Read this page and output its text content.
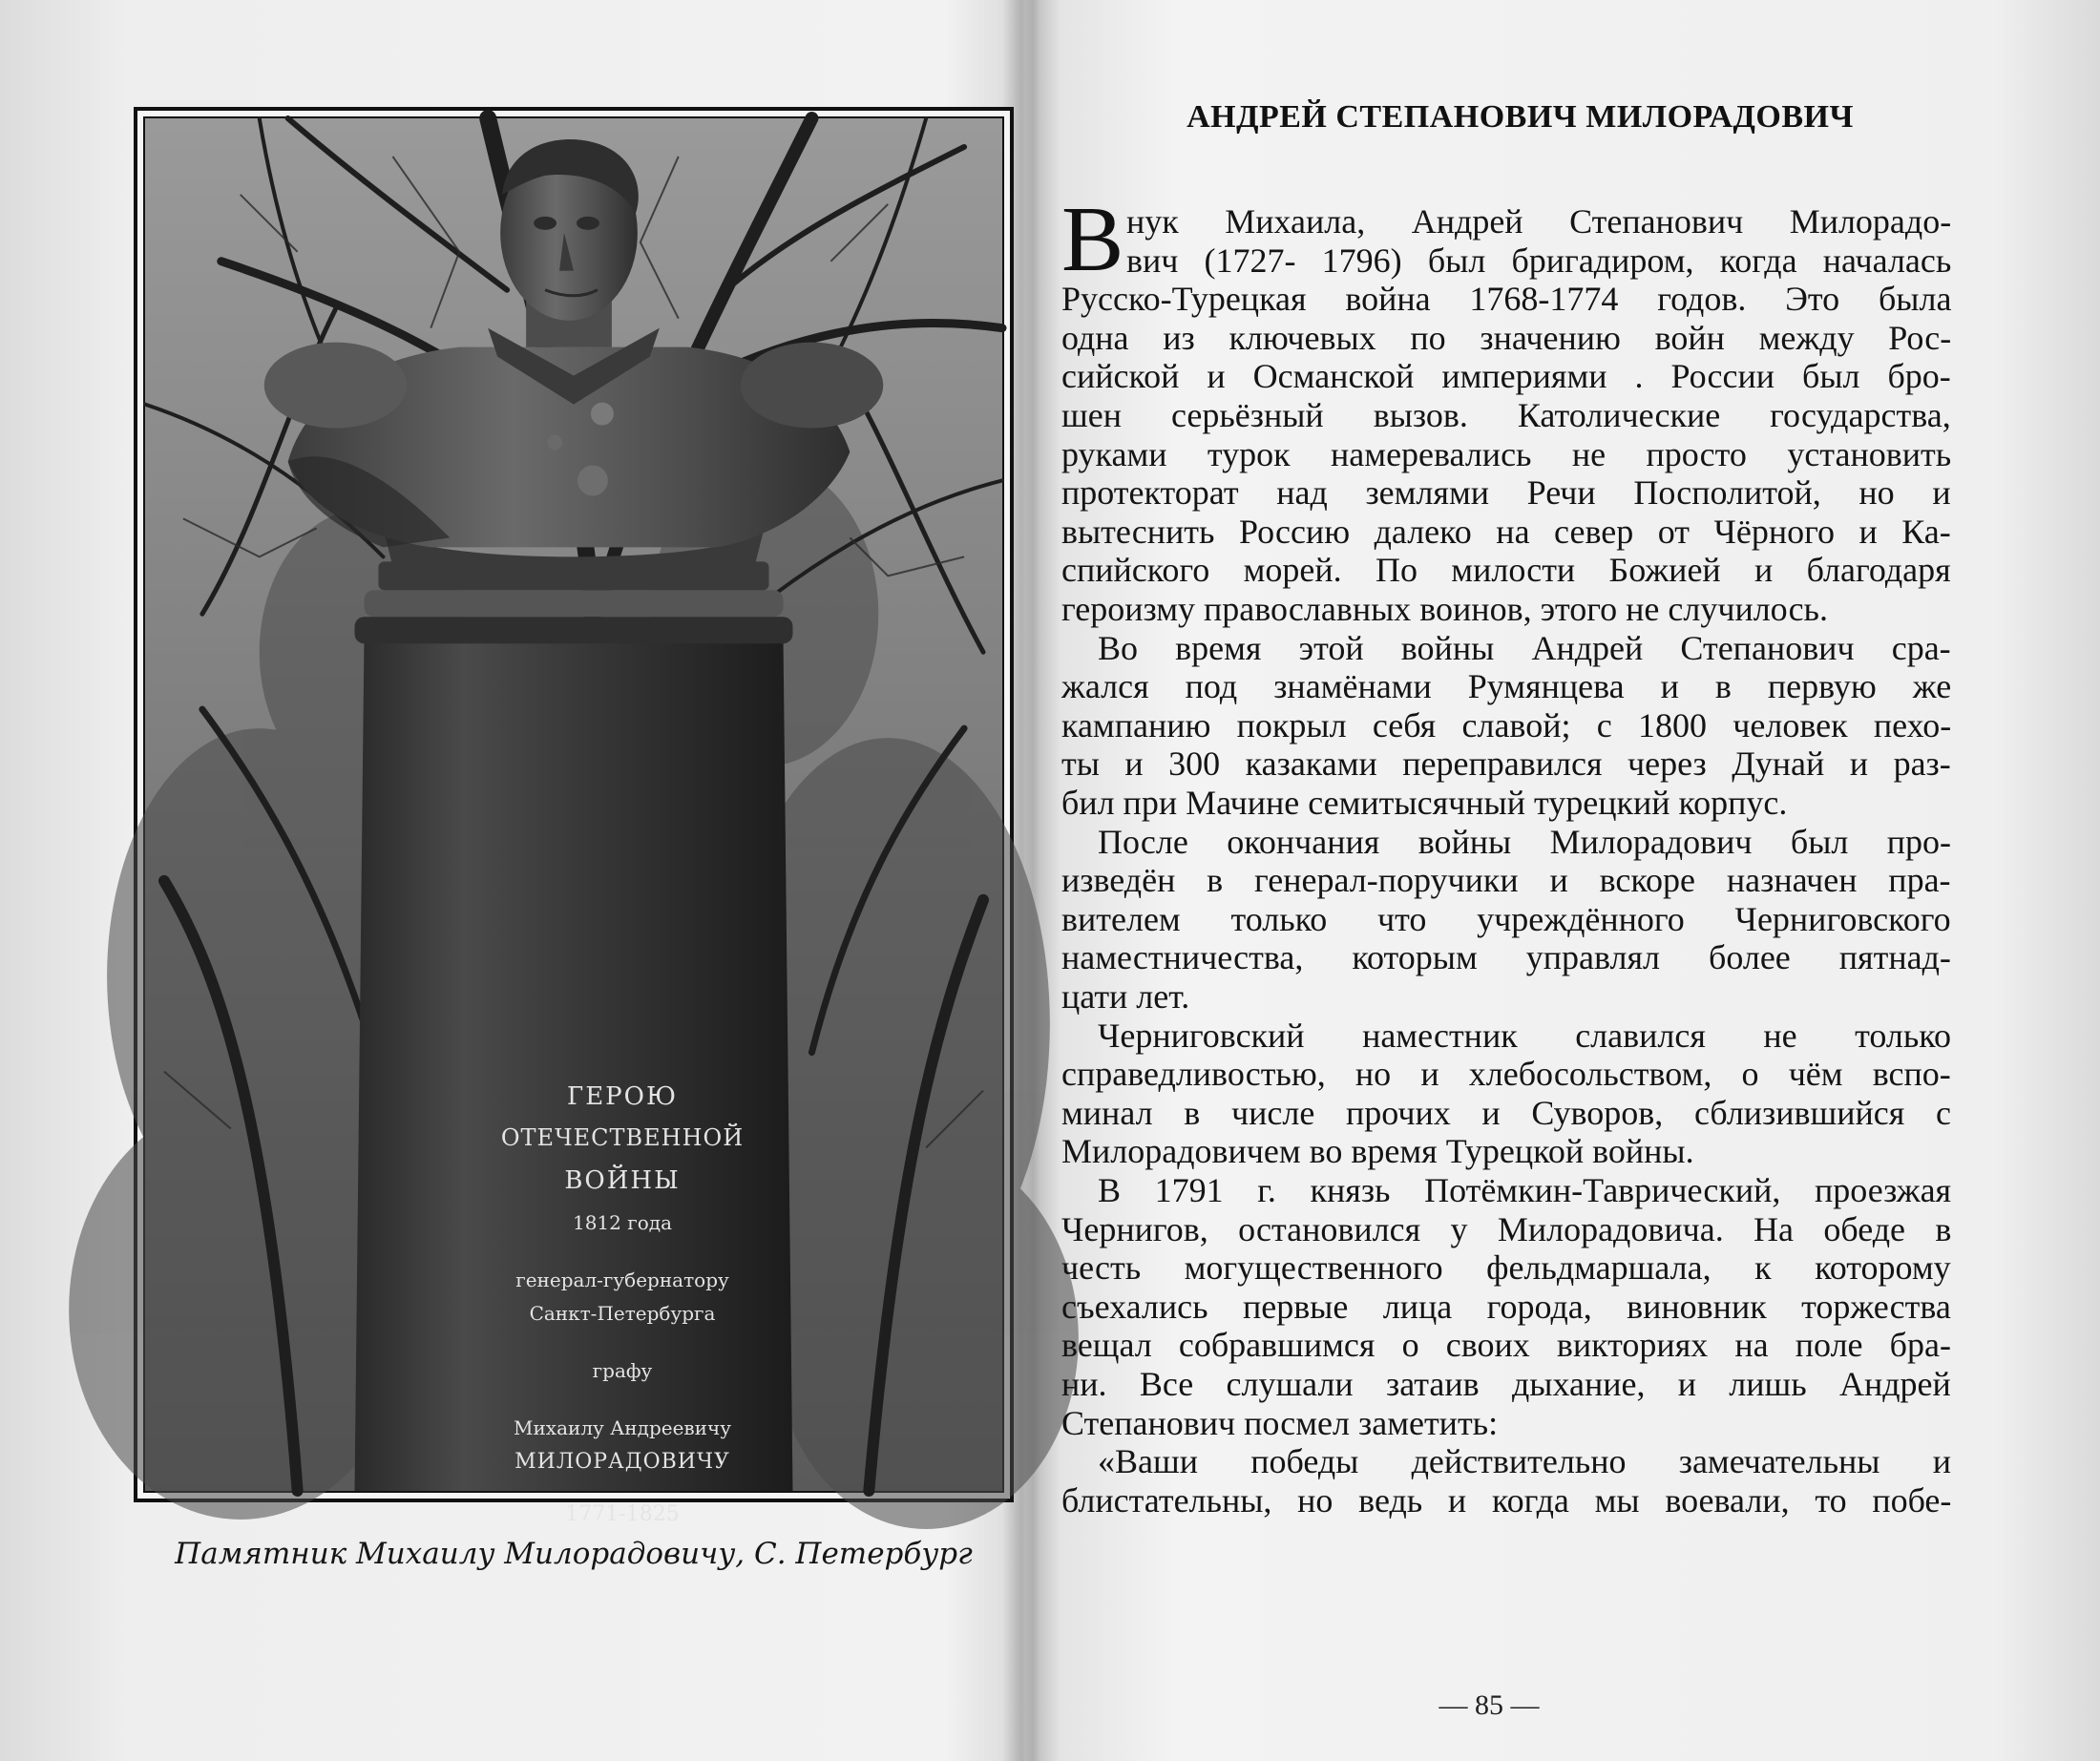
ГЕРОЮ
ОТЕЧЕСТВЕННОЙ
ВОЙНЫ
1812 года
генерал-губернатору
Санкт-Петербурга
графу
Михаилу Андреевичу
МИЛОРАДОВИЧУ
1771-1825
Памятник Михаилу Милорадовичу, С. Петербург
АНДРЕЙ СТЕПАНОВИЧ МИЛОРАДОВИЧ
В нук Михаила, Андрей Степанович Милорадо-
вич (1727- 1796) был бригадиром, когда началась
Русско-Турецкая война 1768-1774 годов. Это была
одна из ключевых по значению войн между Рос-
сийской и Османской империями . России был бро-
шен серьёзный вызов. Католические государства,
руками турок намеревались не просто установить
протекторат над землями Речи Посполитой, но и
вытеснить Россию далеко на север от Чёрного и Ка-
спийского морей. По милости Божией и благодаря
героизму православных воинов, этого не случилось.
Во время этой войны Андрей Степанович сра-
жался под знамёнами Румянцева и в первую же
кампанию покрыл себя славой; с 1800 человек пехо-
ты и 300 казаками переправился через Дунай и раз-
бил при Мачине семитысячный турецкий корпус.
После окончания войны Милорадович был про-
изведён в генерал-поручики и вскоре назначен пра-
вителем только что учреждённого Черниговского
наместничества, которым управлял более пятнад-
цати лет.
Черниговский наместник славился не только
справедливостью, но и хлебосольством, о чём вспо-
минал в числе прочих и Суворов, сблизившийся с
Милорадовичем во время Турецкой войны.
В 1791 г. князь Потёмкин-Таврический, проезжая
Чернигов, остановился у Милорадовича. На обеде в
честь могущественного фельдмаршала, к которому
съехались первые лица города, виновник торжества
вещал собравшимся о своих викториях на поле бра-
ни. Все слушали затаив дыхание, и лишь Андрей
Степанович посмел заметить:
«Ваши победы действительно замечательны и
блистательны, но ведь и когда мы воевали, то побе-
— 85 —
